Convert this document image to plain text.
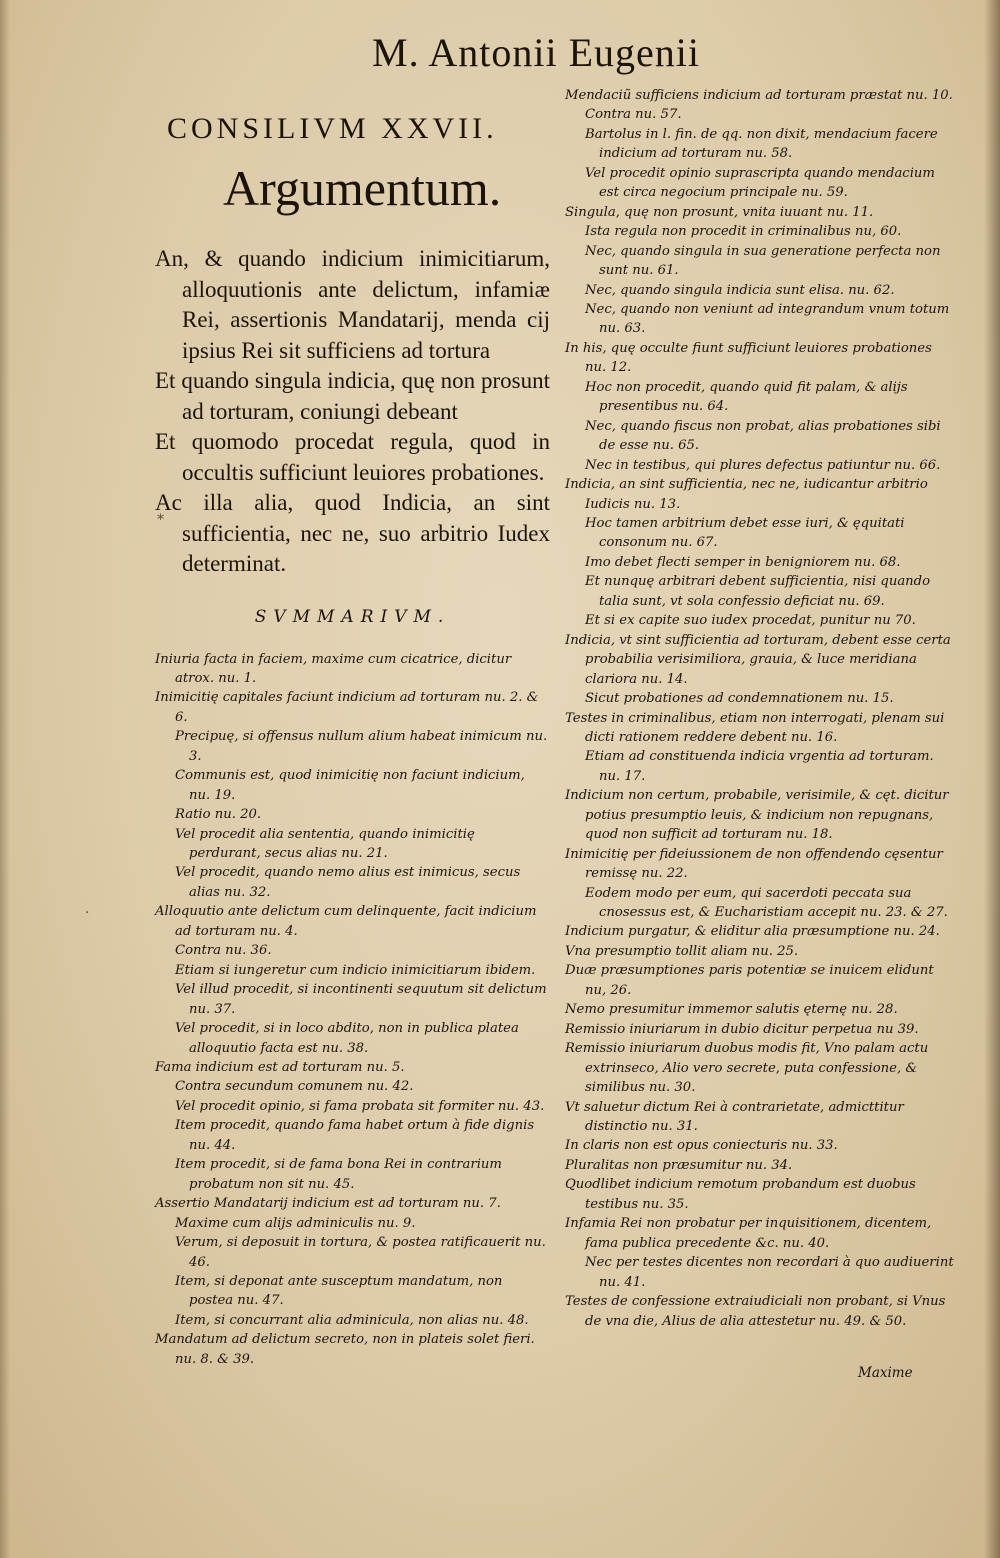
M. Antonii Eugenii
CONSILIVM XXVII.
Argumentum.

An, & quando indicium inimicitiarum, alloquutionis ante delictum, infamiæ Rei, assertionis Mandatarij, menda cij ipsius Rei sit sufficiens ad tortura

Et quando singula indicia, quę non prosunt ad torturam, coniungi debeant

Et quomodo procedat regula, quod in occultis sufficiunt leuiores probationes.

Ac illa alia, quod Indicia, an sint sufficientia, nec ne, suo arbitrio Iudex determinat.

SVMMARIVM.
Iniuria facta in faciem, maxime cum cicatrice, dicitur atrox. nu. 1.
Inimicitię capitales faciunt indicium ad torturam nu. 2. & 6.
Precipuę, si offensus nullum alium habeat inimicum nu. 3.
Communis est, quod inimicitię non faciunt indicium, nu. 19.
Ratio nu. 20.
Vel procedit alia sententia, quando inimicitię perdurant, secus alias nu. 21.
Vel procedit, quando nemo alius est inimicus, secus alias nu. 32.
Alloquutio ante delictum cum delinquente, facit indicium ad torturam nu. 4.
Contra nu. 36.
Etiam si iungeretur cum indicio inimicitiarum ibidem.
Vel illud procedit, si incontinenti sequutum sit delictum nu. 37.
Vel procedit, si in loco abdito, non in publica platea alloquutio facta est nu. 38.
Fama indicium est ad torturam nu. 5.
Contra secundum comunem nu. 42.
Vel procedit opinio, si fama probata sit formiter nu. 43.
Item procedit, quando fama habet ortum à fide dignis nu. 44.
Item procedit, si de fama bona Rei in contrarium probatum non sit nu. 45.
Assertio Mandatarij indicium est ad torturam nu. 7.
Maxime cum alijs adminiculis nu. 9.
Verum, si deposuit in tortura, & postea ratificauerit nu. 46.
Item, si deponat ante susceptum mandatum, non postea nu. 47.
Item, si concurrant alia adminicula, non alias nu. 48.
Mandatum ad delictum secreto, non in plateis solet fieri. nu. 8. & 39.
Mendaciũ sufficiens indicium ad torturam præstat nu. 10.
Contra nu. 57.
Bartolus in l. fin. de qq. non dixit, mendacium facere indicium ad torturam nu. 58.
Vel procedit opinio suprascripta quando mendacium est circa negocium principale nu. 59.
Singula, quę non prosunt, vnita iuuant nu. 11.
Ista regula non procedit in criminalibus nu, 60.
Nec, quando singula in sua generatione perfecta non sunt nu. 61.
Nec, quando singula indicia sunt elisa. nu. 62.
Nec, quando non veniunt ad integrandum vnum totum nu. 63.
In his, quę occulte fiunt sufficiunt leuiores probationes nu. 12.
Hoc non procedit, quando quid fit palam, & alijs presentibus nu. 64.
Nec, quando fiscus non probat, alias probationes sibi de esse nu. 65.
Nec in testibus, qui plures defectus patiuntur nu. 66.
Indicia, an sint sufficientia, nec ne, iudicantur arbitrio Iudicis nu. 13.
Hoc tamen arbitrium debet esse iuri, & ęquitati consonum nu. 67.
Imo debet flecti semper in benigniorem nu. 68.
Et nunquę arbitrari debent sufficientia, nisi quando talia sunt, vt sola confessio deficiat nu. 69.
Et si ex capite suo iudex procedat, punitur nu 70.
Indicia, vt sint sufficientia ad torturam, debent esse certa probabilia verisimiliora, grauia, & luce meridiana clariora nu. 14.
Sicut probationes ad condemnationem nu. 15.
Testes in criminalibus, etiam non interrogati, plenam sui dicti rationem reddere debent nu. 16.
Etiam ad constituenda indicia vrgentia ad torturam. nu. 17.
Indicium non certum, probabile, verisimile, & cęt. dicitur potius presumptio leuis, & indicium non repugnans, quod non sufficit ad torturam nu. 18.
Inimicitię per fideiussionem de non offendendo cęsentur remissę nu. 22.
Eodem modo per eum, qui sacerdoti peccata sua cnosessus est, & Eucharistiam accepit nu. 23. & 27.
Indicium purgatur, & eliditur alia præsumptione nu. 24.
Vna presumptio tollit aliam nu. 25.
Duæ præsumptiones paris potentiæ se inuicem elidunt nu, 26.
Nemo presumitur immemor salutis ęternę nu. 28.
Remissio iniuriarum in dubio dicitur perpetua nu 39.
Remissio iniuriarum duobus modis fit, Vno palam actu extrinseco, Alio vero secrete, puta confessione, & similibus nu. 30.
Vt saluetur dictum Rei à contrarietate, admicttitur distinctio nu. 31.
In claris non est opus coniecturis nu. 33.
Pluralitas non præsumitur nu. 34.
Quodlibet indicium remotum probandum est duobus testibus nu. 35.
Infamia Rei non probatur per inquisitionem, dicentem, fama publica precedente &c. nu. 40.
Nec per testes dicentes non recordari à quo audiuerint nu. 41.
Testes de confessione extraiudiciali non probant, si Vnus de vna die, Alius de alia attestetur nu. 49. & 50.
Maxime
*
·
